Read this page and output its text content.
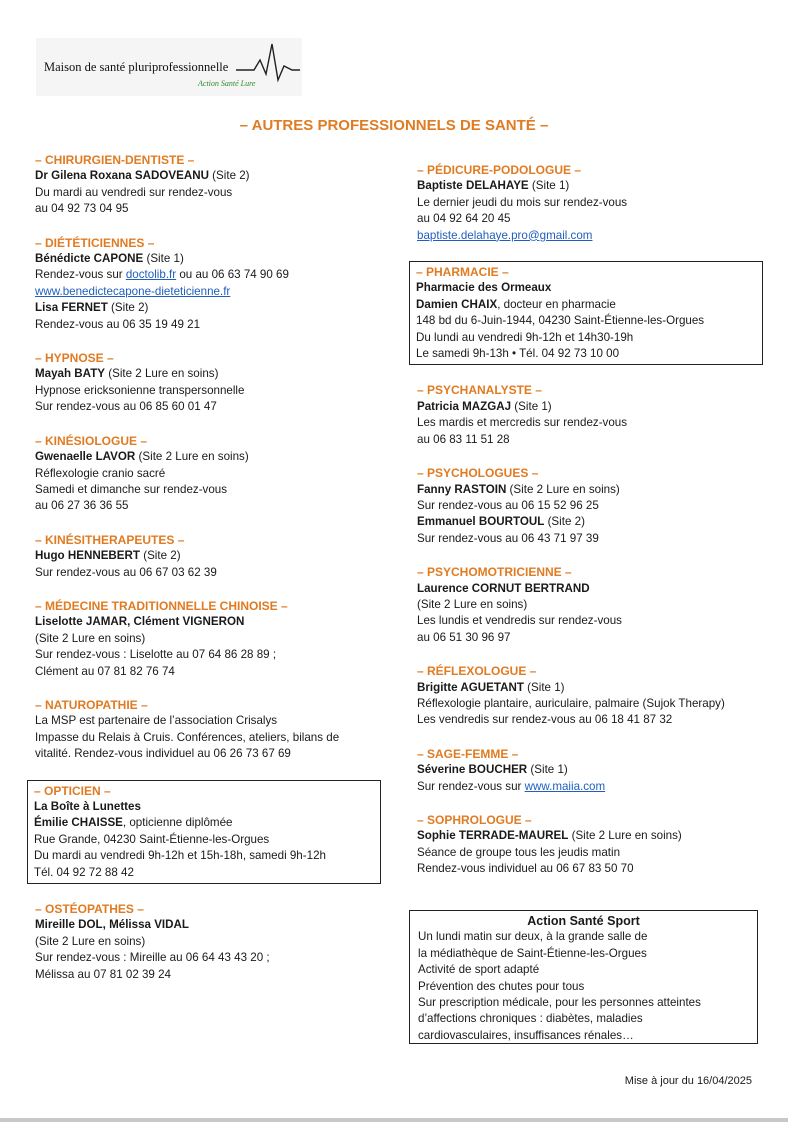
Maison de santé pluriprofessionnelle
Action Santé Lure
– AUTRES PROFESSIONNELS DE SANTÉ –
– CHIRURGIEN-DENTISTE –
Dr Gilena Roxana SADOVEANU (Site 2)
Du mardi au vendredi sur rendez-vous
au 04 92 73 04 95
– DIÉTÉTICIENNES –
Bénédicte CAPONE (Site 1)
Rendez-vous sur doctolib.fr ou au 06 63 74 90 69
www.benedictecapone-dieteticienne.fr
Lisa FERNET (Site 2)
Rendez-vous au 06 35 19 49 21
– HYPNOSE –
Mayah BATY (Site 2 Lure en soins)
Hypnose ericksonienne transpersonnelle
Sur rendez-vous au 06 85 60 01 47
– KINÉSIOLOGUE –
Gwenaelle LAVOR (Site 2 Lure en soins)
Réflexologie cranio sacré
Samedi et dimanche sur rendez-vous
au 06 27 36 36 55
– KINÉSITHERAPEUTES –
Hugo HENNEBERT (Site 2)
Sur rendez-vous au 06 67 03 62 39
– MÉDECINE TRADITIONNELLE CHINOISE –
Liselotte JAMAR, Clément VIGNERON
(Site 2 Lure en soins)
Sur rendez-vous : Liselotte au 07 64 86 28 89 ;
Clément au 07 81 82 76 74
– NATUROPATHIE –
La MSP est partenaire de l’association Crisalys
Impasse du Relais à Cruis. Conférences, ateliers, bilans de
vitalité. Rendez-vous individuel au 06 26 73 67 69
– OPTICIEN –
La Boîte à Lunettes
Émilie CHAISSE, opticienne diplômée
Rue Grande, 04230 Saint-Étienne-les-Orgues
Du mardi au vendredi 9h-12h et 15h-18h, samedi 9h-12h
Tél. 04 92 72 88 42
– OSTÉOPATHES –
Mireille DOL, Mélissa VIDAL
(Site 2 Lure en soins)
Sur rendez-vous : Mireille au 06 64 43 43 20 ;
Mélissa au 07 81 02 39 24
– PÉDICURE-PODOLOGUE –
Baptiste DELAHAYE (Site 1)
Le dernier jeudi du mois sur rendez-vous
au 04 92 64 20 45
baptiste.delahaye.pro@gmail.com
– PHARMACIE –
Pharmacie des Ormeaux
Damien CHAIX, docteur en pharmacie
148 bd du 6-Juin-1944, 04230 Saint-Étienne-les-Orgues
Du lundi au vendredi 9h-12h et 14h30-19h
Le samedi 9h-13h • Tél. 04 92 73 10 00
– PSYCHANALYSTE –
Patricia MAZGAJ (Site 1)
Les mardis et mercredis sur rendez-vous
au 06 83 11 51 28
– PSYCHOLOGUES –
Fanny RASTOIN (Site 2 Lure en soins)
Sur rendez-vous au 06 15 52 96 25
Emmanuel BOURTOUL (Site 2)
Sur rendez-vous au 06 43 71 97 39
– PSYCHOMOTRICIENNE –
Laurence CORNUT BERTRAND
(Site 2 Lure en soins)
Les lundis et vendredis sur rendez-vous
au 06 51 30 96 97
– RÉFLEXOLOGUE –
Brigitte AGUETANT (Site 1)
Réflexologie plantaire, auriculaire, palmaire (Sujok Therapy)
Les vendredis sur rendez-vous au 06 18 41 87 32
– SAGE-FEMME –
Séverine BOUCHER (Site 1)
Sur rendez-vous sur www.maiia.com
– SOPHROLOGUE –
Sophie TERRADE-MAUREL (Site 2 Lure en soins)
Séance de groupe tous les jeudis matin
Rendez-vous individuel au 06 67 83 50 70
Action Santé Sport
Un lundi matin sur deux, à la grande salle de
la médiathèque de Saint-Étienne-les-Orgues
Activité de sport adapté
Prévention des chutes pour tous
Sur prescription médicale, pour les personnes atteintes
d’affections chroniques : diabètes, maladies
cardiovasculaires, insuffisances rénales…
Mise à jour du 16/04/2025
